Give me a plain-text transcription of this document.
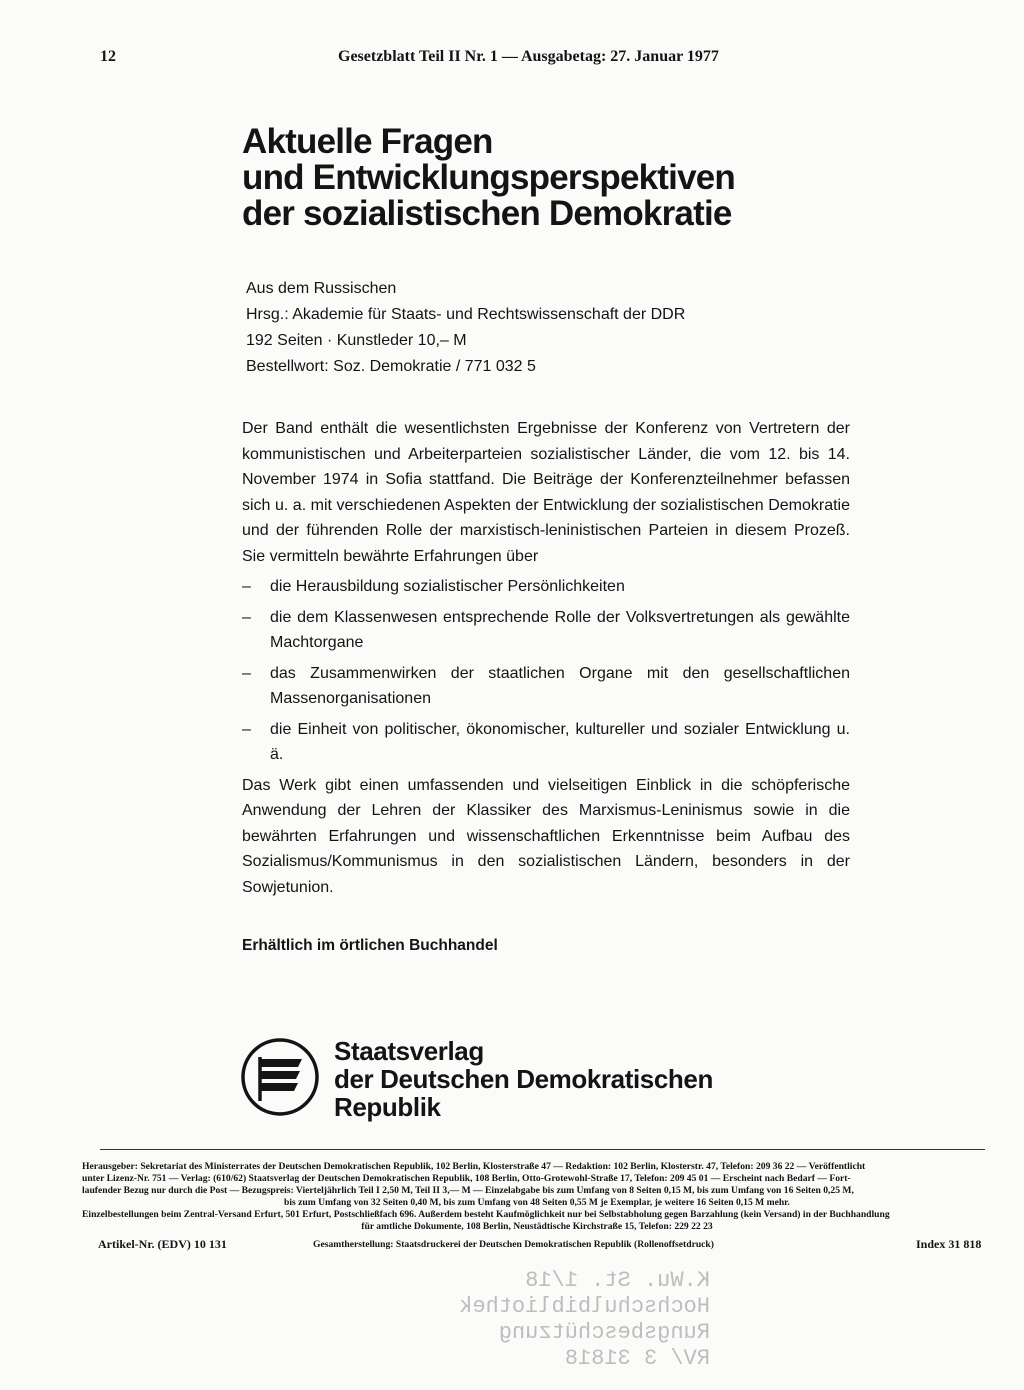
12	Gesetzblatt Teil II Nr. 1 — Ausgabetag: 27. Januar 1977
Aktuelle Fragen
und Entwicklungsperspektiven
der sozialistischen Demokratie
Aus dem Russischen
Hrsg.: Akademie für Staats- und Rechtswissenschaft der DDR
192 Seiten · Kunstleder 10,– M
Bestellwort: Soz. Demokratie / 771 032 5

Der Band enthält die wesentlichsten Ergebnisse der Konferenz von Vertretern der kommunistischen und Arbeiterparteien sozialistischer Länder, die vom 12. bis 14. November 1974 in Sofia stattfand. Die Beiträge der Konferenzteilnehmer befassen sich u. a. mit verschiedenen Aspekten der Entwicklung der sozialistischen Demokratie und der führenden Rolle der marxistisch-leninistischen Parteien in diesem Prozeß. Sie vermitteln bewährte Erfahrungen über

– die Herausbildung sozialistischer Persönlichkeiten
– die dem Klassenwesen entsprechende Rolle der Volksvertretungen als gewählte Machtorgane
– das Zusammenwirken der staatlichen Organe mit den gesellschaftlichen Massenorganisationen
– die Einheit von politischer, ökonomischer, kultureller und sozialer Entwicklung u. ä.

Das Werk gibt einen umfassenden und vielseitigen Einblick in die schöpferische Anwendung der Lehren der Klassiker des Marxismus-Leninismus sowie in die bewährten Erfahrungen und wissenschaftlichen Erkenntnisse beim Aufbau des Sozialismus/Kommunismus in den sozialistischen Ländern, besonders in der Sowjetunion.

Erhältlich im örtlichen Buchhandel
Staatsverlag
der Deutschen Demokratischen
Republik
Herausgeber: Sekretariat des Ministerrates der Deutschen Demokratischen Republik, 102 Berlin, Klosterstraße 47 — Redaktion: 102 Berlin, Klosterstr. 47, Telefon: 209 36 22 — Veröffentlicht
unter Lizenz-Nr. 751 — Verlag: (610/62) Staatsverlag der Deutschen Demokratischen Republik, 108 Berlin, Otto-Grotewohl-Straße 17, Telefon: 209 45 01 — Erscheint nach Bedarf — Fort-
laufender Bezug nur durch die Post — Bezugspreis: Vierteljährlich Teil I 2,50 M, Teil II 3,— M — Einzelabgabe bis zum Umfang von 8 Seiten 0,15 M, bis zum Umfang von 16 Seiten 0,25 M,
bis zum Umfang von 32 Seiten 0,40 M, bis zum Umfang von 48 Seiten 0,55 M je Exemplar, je weitere 16 Seiten 0,15 M mehr.
Einzelbestellungen beim Zentral-Versand Erfurt, 501 Erfurt, Postschließfach 696. Außerdem besteht Kaufmöglichkeit nur bei Selbstabholung gegen Barzahlung (kein Versand) in der Buchhandlung
für amtliche Dokumente, 108 Berlin, Neustädtische Kirchstraße 15, Telefon: 229 22 23
Artikel-Nr. (EDV) 10 131	Gesamtherstellung: Staatsdruckerei der Deutschen Demokratischen Republik (Rollenoffsetdruck)	Index 31 818
K.Wu. St. 1/18
Hochschulbibliothek
Rungsbeschützung
RV/ 3 31818
